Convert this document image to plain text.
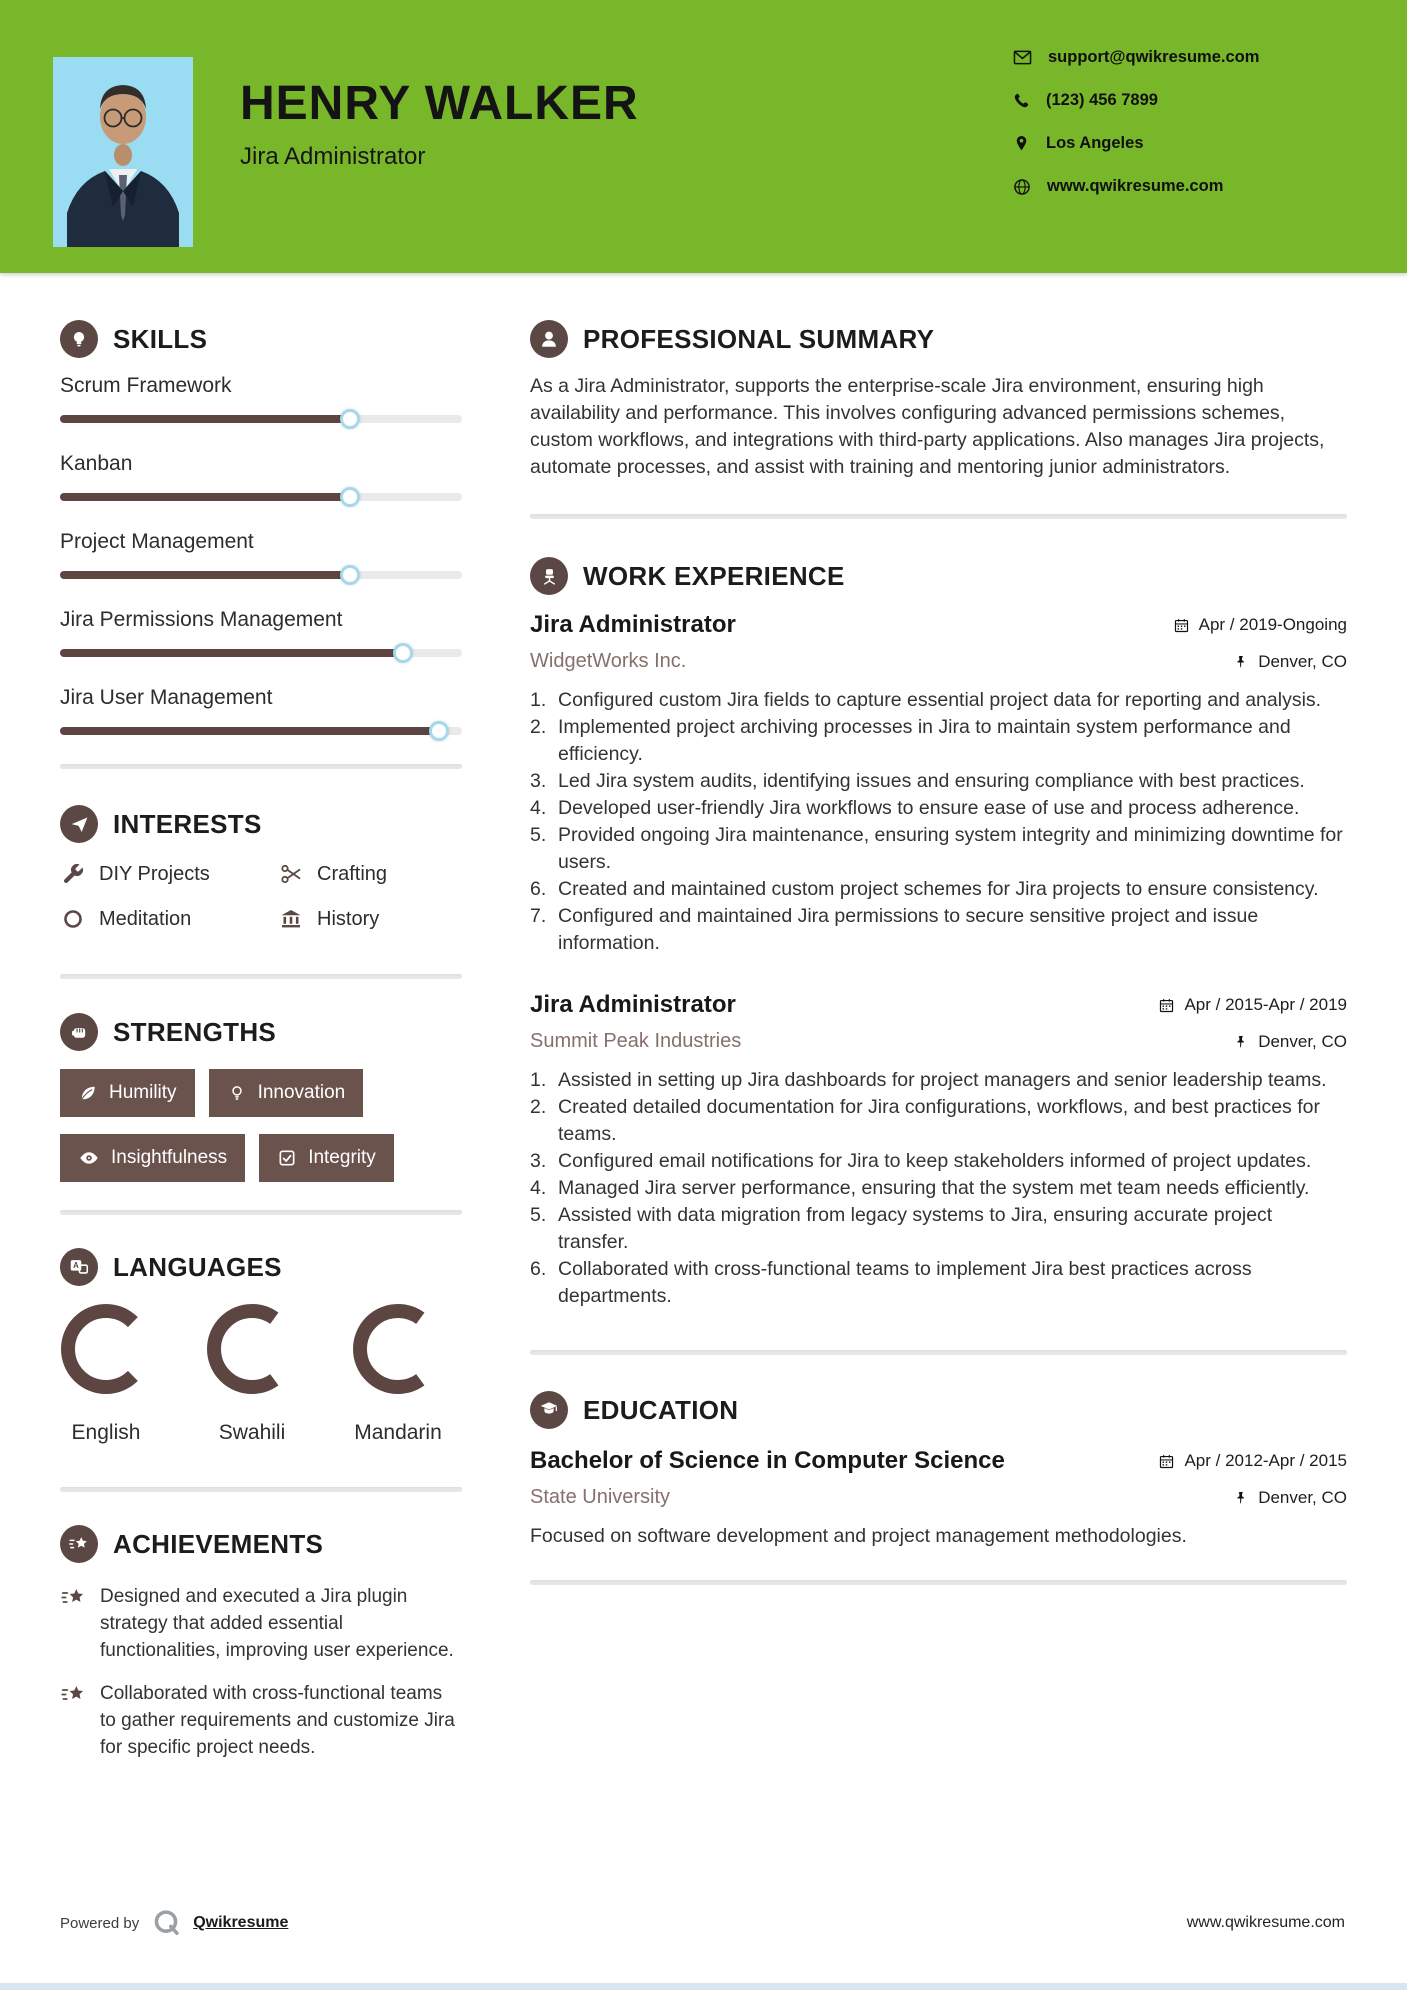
HENRY WALKER
Jira Administrator
support@qwikresume.com
(123) 456 7899
Los Angeles
www.qwikresume.com
SKILLS
Scrum Framework
Kanban
Project Management
Jira Permissions Management
Jira User Management
INTERESTS
DIY Projects	Crafting
Meditation	History
STRENGTHS
Humility	Innovation
Insightfulness	Integrity
A LANGUAGES
English	Swahili	Mandarin
ACHIEVEMENTS
Designed and executed a Jira plugin strategy that added essential functionalities, improving user experience.
Collaborated with cross-functional teams to gather requirements and customize Jira for specific project needs.
PROFESSIONAL SUMMARY
As a Jira Administrator, supports the enterprise-scale Jira environment, ensuring high availability and performance. This involves configuring advanced permissions schemes, custom workflows, and integrations with third-party applications. Also manages Jira projects, automate processes, and assist with training and mentoring junior administrators.
WORK EXPERIENCE
Jira Administrator	Apr / 2019-Ongoing
WidgetWorks Inc.	Denver, CO
1. Configured custom Jira fields to capture essential project data for reporting and analysis.
2. Implemented project archiving processes in Jira to maintain system performance and efficiency.
3. Led Jira system audits, identifying issues and ensuring compliance with best practices.
4. Developed user-friendly Jira workflows to ensure ease of use and process adherence.
5. Provided ongoing Jira maintenance, ensuring system integrity and minimizing downtime for users.
6. Created and maintained custom project schemes for Jira projects to ensure consistency.
7. Configured and maintained Jira permissions to secure sensitive project and issue information.
Jira Administrator	Apr / 2015-Apr / 2019
Summit Peak Industries	Denver, CO
1. Assisted in setting up Jira dashboards for project managers and senior leadership teams.
2. Created detailed documentation for Jira configurations, workflows, and best practices for teams.
3. Configured email notifications for Jira to keep stakeholders informed of project updates.
4. Managed Jira server performance, ensuring that the system met team needs efficiently.
5. Assisted with data migration from legacy systems to Jira, ensuring accurate project transfer.
6. Collaborated with cross-functional teams to implement Jira best practices across departments.
EDUCATION
Bachelor of Science in Computer Science	Apr / 2012-Apr / 2015
State University	Denver, CO
Focused on software development and project management methodologies.
Powered by	Qwikresume	www.qwikresume.com
